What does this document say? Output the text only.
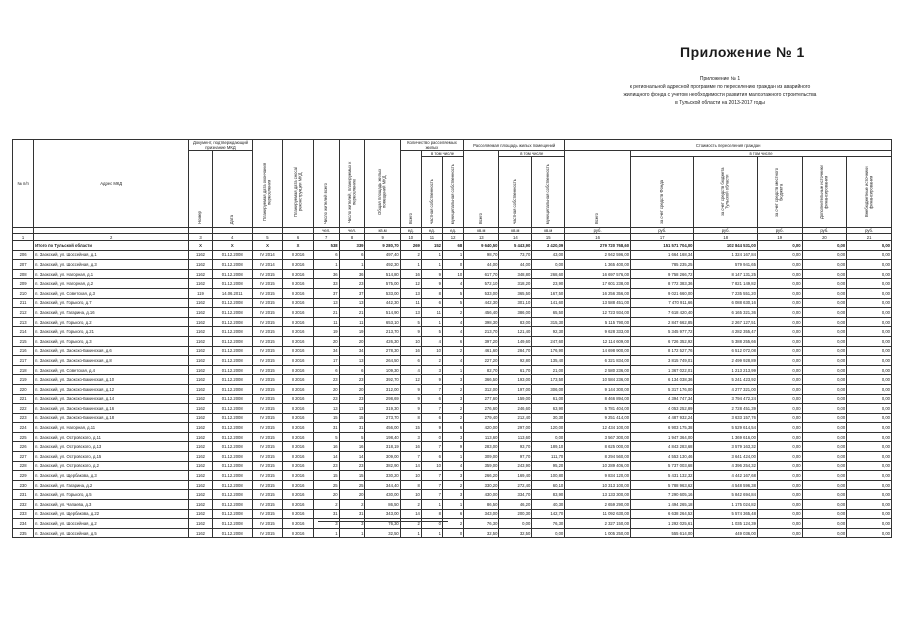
Приложение № 1
Приложение № 1
к региональной адресной программе по переселению граждан из аварийного
жилищного фонда с учетом необходимости развития малоэтажного строительства
в Тульской области на 2013-2017 годы
№ п/п	Адрес МКД	Документ, подтверждающий признание МКД		Планируемая дата окончания переселения	Планируемая дата сноса/ реконструкции МКД	Число жителей всего	Число жителей, планируемых к переселению	Общая площадь жилых помещений МКД	Количество расселяемых жилых			Расселяемая площадь жилых помещений			Стоимость переселения граждан					
		Номер	Дата						Всего	в том числе		Всего	в том числе		Всего	в том числе				
										частная собственность	муниципальная собственность		частная собственность	муниципальная собственность		за счет средств Фонда	за счет средств бюджета Тульской области	за счет средств местного бюджета	Дополнительные источники финансирования	Внебюджетные источники финансирования
						чел.	чел.	кв.м	ед.	ед.	ед.	кв.м	кв.м	кв.м	руб.	руб.	руб.	руб.	руб.	руб.
1	2	3	4	5	6	7	8	9	10	11	12	13	14	15	16	17	18	19	20	21
	Итого по Тульской области	X	X	X	X	538	339	9 280,70	269	152	68	9 640,50	5 443,90	3 420,09	279 720 768,60	151 571 704,00	102 844 531,00	0,00	0,00	0,00
206	п. Заокский, ул. Шоссейная, д.1	1162	01.12.2008	IV 2014	II 2016	6	6	497,40	2	1	1	98,70	73,70	43,00	2 942 596,00	1 664 168,34	1 324 167,84	0,00	0,00	0,00
207	п. Заокский, ул. Шоссейная, д.3	1162	01.12.2008	IV 2014	II 2016	1	1	492,30	1	1	0	44,00	44,00	0,00	1 365 400,00	785 235,25	579 941,65	0,00	0,00	0,00
208	п. Заокский, ул. Нагорная, д.1	1162	01.12.2008	IV 2015	II 2016	36	36	514,80	16	9	10	617,70	348,80	268,60	16 697 576,00	9 758 266,72	8 147 131,25	0,00	0,00	0,00
209	п. Заокский, ул. Нагорная, д.2	1162	01.12.2008	IV 2015	II 2016	33	23	575,00	12	9	4	572,10	318,20	23,90	17 601 238,00	8 772 383,36	7 821 149,82	0,00	0,00	0,00
210	п. Заокский, ул. Советская, д.3	119	14.06.2011	IV 2015	II 2016	37	37	533,00	13	8	5	533,00	365,50	167,50	16 256 356,00	9 021 660,00	7 235 551,20	0,00	0,00	0,00
211	п. Заокский, ул. Горького, д.7	1162	01.12.2008	IV 2015	II 2016	13	13	442,30	11	6	5	442,30	301,10	141,60	13 588 451,00	7 470 911,66	6 088 630,16	0,00	0,00	0,00
212	п. Заокский, ул. Гагарина, д.16	1162	01.12.2008	IV 2015	II 2016	21	21	514,90	13	11	2	456,40	386,00	65,50	12 723 934,00	7 618 420,40	6 165 321,36	0,00	0,00	0,00
213	п. Заокский, ул. Горького, д.2	1162	01.12.2008	IV 2015	II 2016	11	11	653,10	5	1	4	398,30	83,00	315,30	5 115 790,00	2 847 662,85	2 267 127,51	0,00	0,00	0,00
214	п. Заокский, ул. Горького, д.21	1162	01.12.2008	IV 2015	II 2016	19	19	213,70	9	5	4	213,70	121,40	92,30	9 628 333,00	5 345 977,72	4 282 355,47	0,00	0,00	0,00
215	п. Заокский, ул. Горького, д.3	1162	01.12.2008	IV 2015	II 2016	20	20	426,30	10	4	6	397,20	149,60	247,60	12 114 609,00	6 726 352,92	5 388 255,66	0,00	0,00	0,00
216	п. Заокский, ул. Заокско-Бакинская, д.6	1162	01.12.2008	IV 2015	II 2016	34	34	278,30	16	10	2	461,60	284,70	176,90	14 698 900,00	8 172 527,76	6 512 072,08	0,00	0,00	0,00
217	п. Заокский, ул. Заокско-Бакинская, д.8	1162	01.12.2008	IV 2015	II 2016	17	13	264,50	6	2	4	227,20	92,80	135,40	6 321 834,00	3 815 749,01	2 499 928,89	0,00	0,00	0,00
218	п. Заокский, ул. Советская, д.4	1162	01.12.2008	IV 2015	II 2016	6	6	109,30	4	3	1	82,70	61,70	21,00	2 580 236,00	1 367 022,01	1 213 213,99	0,00	0,00	0,00
219	п. Заокский, ул. Заокско-Бакинская, д.10	1162	01.12.2008	IV 2015	II 2016	23	23	392,70	12	9	3	366,50	193,00	173,50	10 584 236,00	6 134 038,36	5 241 423,92	0,00	0,00	0,00
220	п. Заокский, ул. Заокско-Бакинская, д.12	1162	01.12.2008	IV 2015	II 2016	20	20	312,00	9	7	2	312,00	197,00	306,00	9 144 300,00	5 317 176,00	4 277 321,00	0,00	0,00	0,00
221	п. Заокский, ул. Заокско-Бакинская, д.14	1162	01.12.2008	IV 2015	II 2016	23	23	298,69	9	6	3	277,60	159,00	61,00	8 466 894,00	4 394 747,34	3 794 472,24	0,00	0,00	0,00
222	п. Заокский, ул. Заокско-Бакинская, д.16	1162	01.12.2008	IV 2015	II 2016	13	13	319,30	9	7	2	276,60	246,60	63,90	5 781 404,00	4 053 252,89	2 728 451,39	0,00	0,00	0,00
223	п. Заокский, ул. Заокско-Бакинская, д.18	1162	01.12.2008	IV 2015	II 2016	15	15	273,70	8	6	2	279,40	212,40	30,30	9 251 414,00	4 487 932,24	3 633 157,76	0,00	0,00	0,00
224	п. Заокский, ул. Нагорная, д.11	1162	01.12.2008	IV 2015	II 2016	31	31	456,00	15	9	6	420,00	297,00	120,00	12 434 100,00	6 903 175,38	5 529 614,54	0,00	0,00	0,00
225	п. Заокский, ул. Островского, д.11	1162	01.12.2008	IV 2015	II 2016	5	5	198,40	3	0	3	113,60	113,60	0,00	3 567 300,00	1 947 364,00	1 369 616,00	0,00	0,00	0,00
226	п. Заокский, ул. Островского, д.13	1162	01.12.2008	IV 2015	II 2016	16	16	318,19	16	7	9	283,00	93,70	189,10	8 625 000,00	4 843 283,68	3 579 163,32	0,00	0,00	0,00
227	п. Заокский, ул. Островского, д.15	1162	01.12.2008	IV 2015	II 2016	14	14	309,00	7	6	1	309,00	97,70	111,70	8 294 560,00	4 553 130,46	3 641 424,00	0,00	0,00	0,00
228	п. Заокский, ул. Островского, д.2	1162	01.12.2008	IV 2015	II 2016	23	23	382,90	14	10	4	359,00	243,90	95,20	10 289 406,00	5 737 003,68	4 396 254,32	0,00	0,00	0,00
229	п. Заокский, ул. Щербакова, д.3	1162	01.12.2008	IV 2015	II 2016	15	15	330,20	10	7	3	266,20	169,40	100,80	9 834 120,00	5 431 132,32	4 442 167,68	0,00	0,00	0,00
230	п. Заокский, ул. Гагарина, д.2	1162	01.12.2008	IV 2015	II 2016	25	25	344,40	8	7	2	330,20	272,40	60,10	10 313 100,00	5 788 963,62	4 548 596,38	0,00	0,00	0,00
231	п. Заокский, ул. Горького, д.5	1162	01.12.2008	IV 2015	II 2016	20	20	430,00	10	7	3	430,00	334,70	83,90	13 133 300,00	7 290 605,16	5 842 694,84	0,00	0,00	0,00
232	п. Заокский, ул. Чапаева, д.3	1162	01.12.2008	IV 2015	II 2016	2	2	86,50	2	1	1	86,50	46,20	40,30	2 659 290,00	1 494 265,18	1 175 024,82	0,00	0,00	0,00
233	п. Заокский, ул. Щербакова, д.22	1162	01.12.2008	IV 2015	II 2016	31	31	343,00	14	8	6	343,00	200,30	142,70	11 092 630,00	6 638 264,52	5 574 365,48	0,00	0,00	0,00
234	п. Заокский, ул. Шоссейная, д.2	1162	01.12.2008	IV 2015	II 2016	3	3	76,30	2	0	2	76,30	0,00	76,30	2 327 150,00	1 292 025,61	1 035 124,39	0,00	0,00	0,00
235	п. Заокский, ул. Шоссейная, д.5	1162	01.12.2008	IV 2015	II 2016	1	1	32,50	1	1	0	32,50	32,50	0,00	1 005 250,00	555 614,00	449 036,00	0,00	0,00	0,00
